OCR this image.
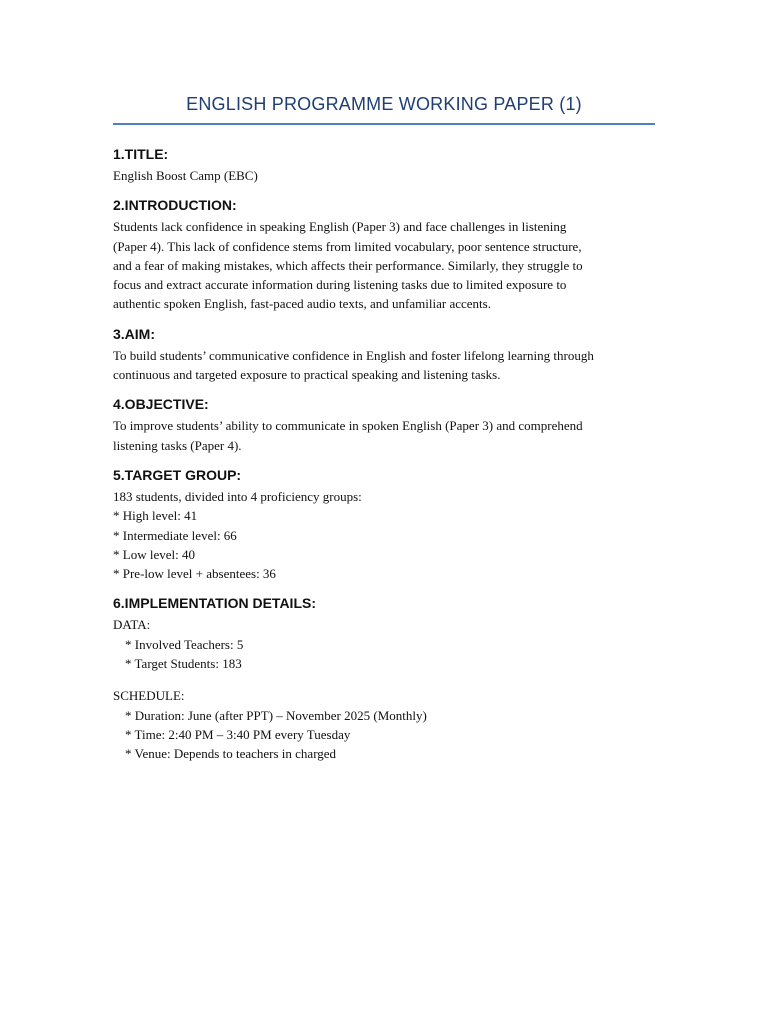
ENGLISH PROGRAMME WORKING PAPER (1)
1.TITLE:
English Boost Camp (EBC)
2.INTRODUCTION:
Students lack confidence in speaking English (Paper 3) and face challenges in listening
(Paper 4). This lack of confidence stems from limited vocabulary, poor sentence structure,
and a fear of making mistakes, which affects their performance. Similarly, they struggle to
focus and extract accurate information during listening tasks due to limited exposure to
authentic spoken English, fast-paced audio texts, and unfamiliar accents.
3.AIM:
To build students’ communicative confidence in English and foster lifelong learning through
continuous and targeted exposure to practical speaking and listening tasks.
4.OBJECTIVE:
To improve students’ ability to communicate in spoken English (Paper 3) and comprehend
listening tasks (Paper 4).
5.TARGET GROUP:
183 students, divided into 4 proficiency groups:
* High level: 41
* Intermediate level: 66
* Low level: 40
* Pre-low level + absentees: 36
6.IMPLEMENTATION DETAILS:
DATA:
* Involved Teachers: 5
* Target Students: 183
SCHEDULE:
* Duration: June (after PPT) – November 2025 (Monthly)
* Time: 2:40 PM – 3:40 PM every Tuesday
* Venue: Depends to teachers in charged
